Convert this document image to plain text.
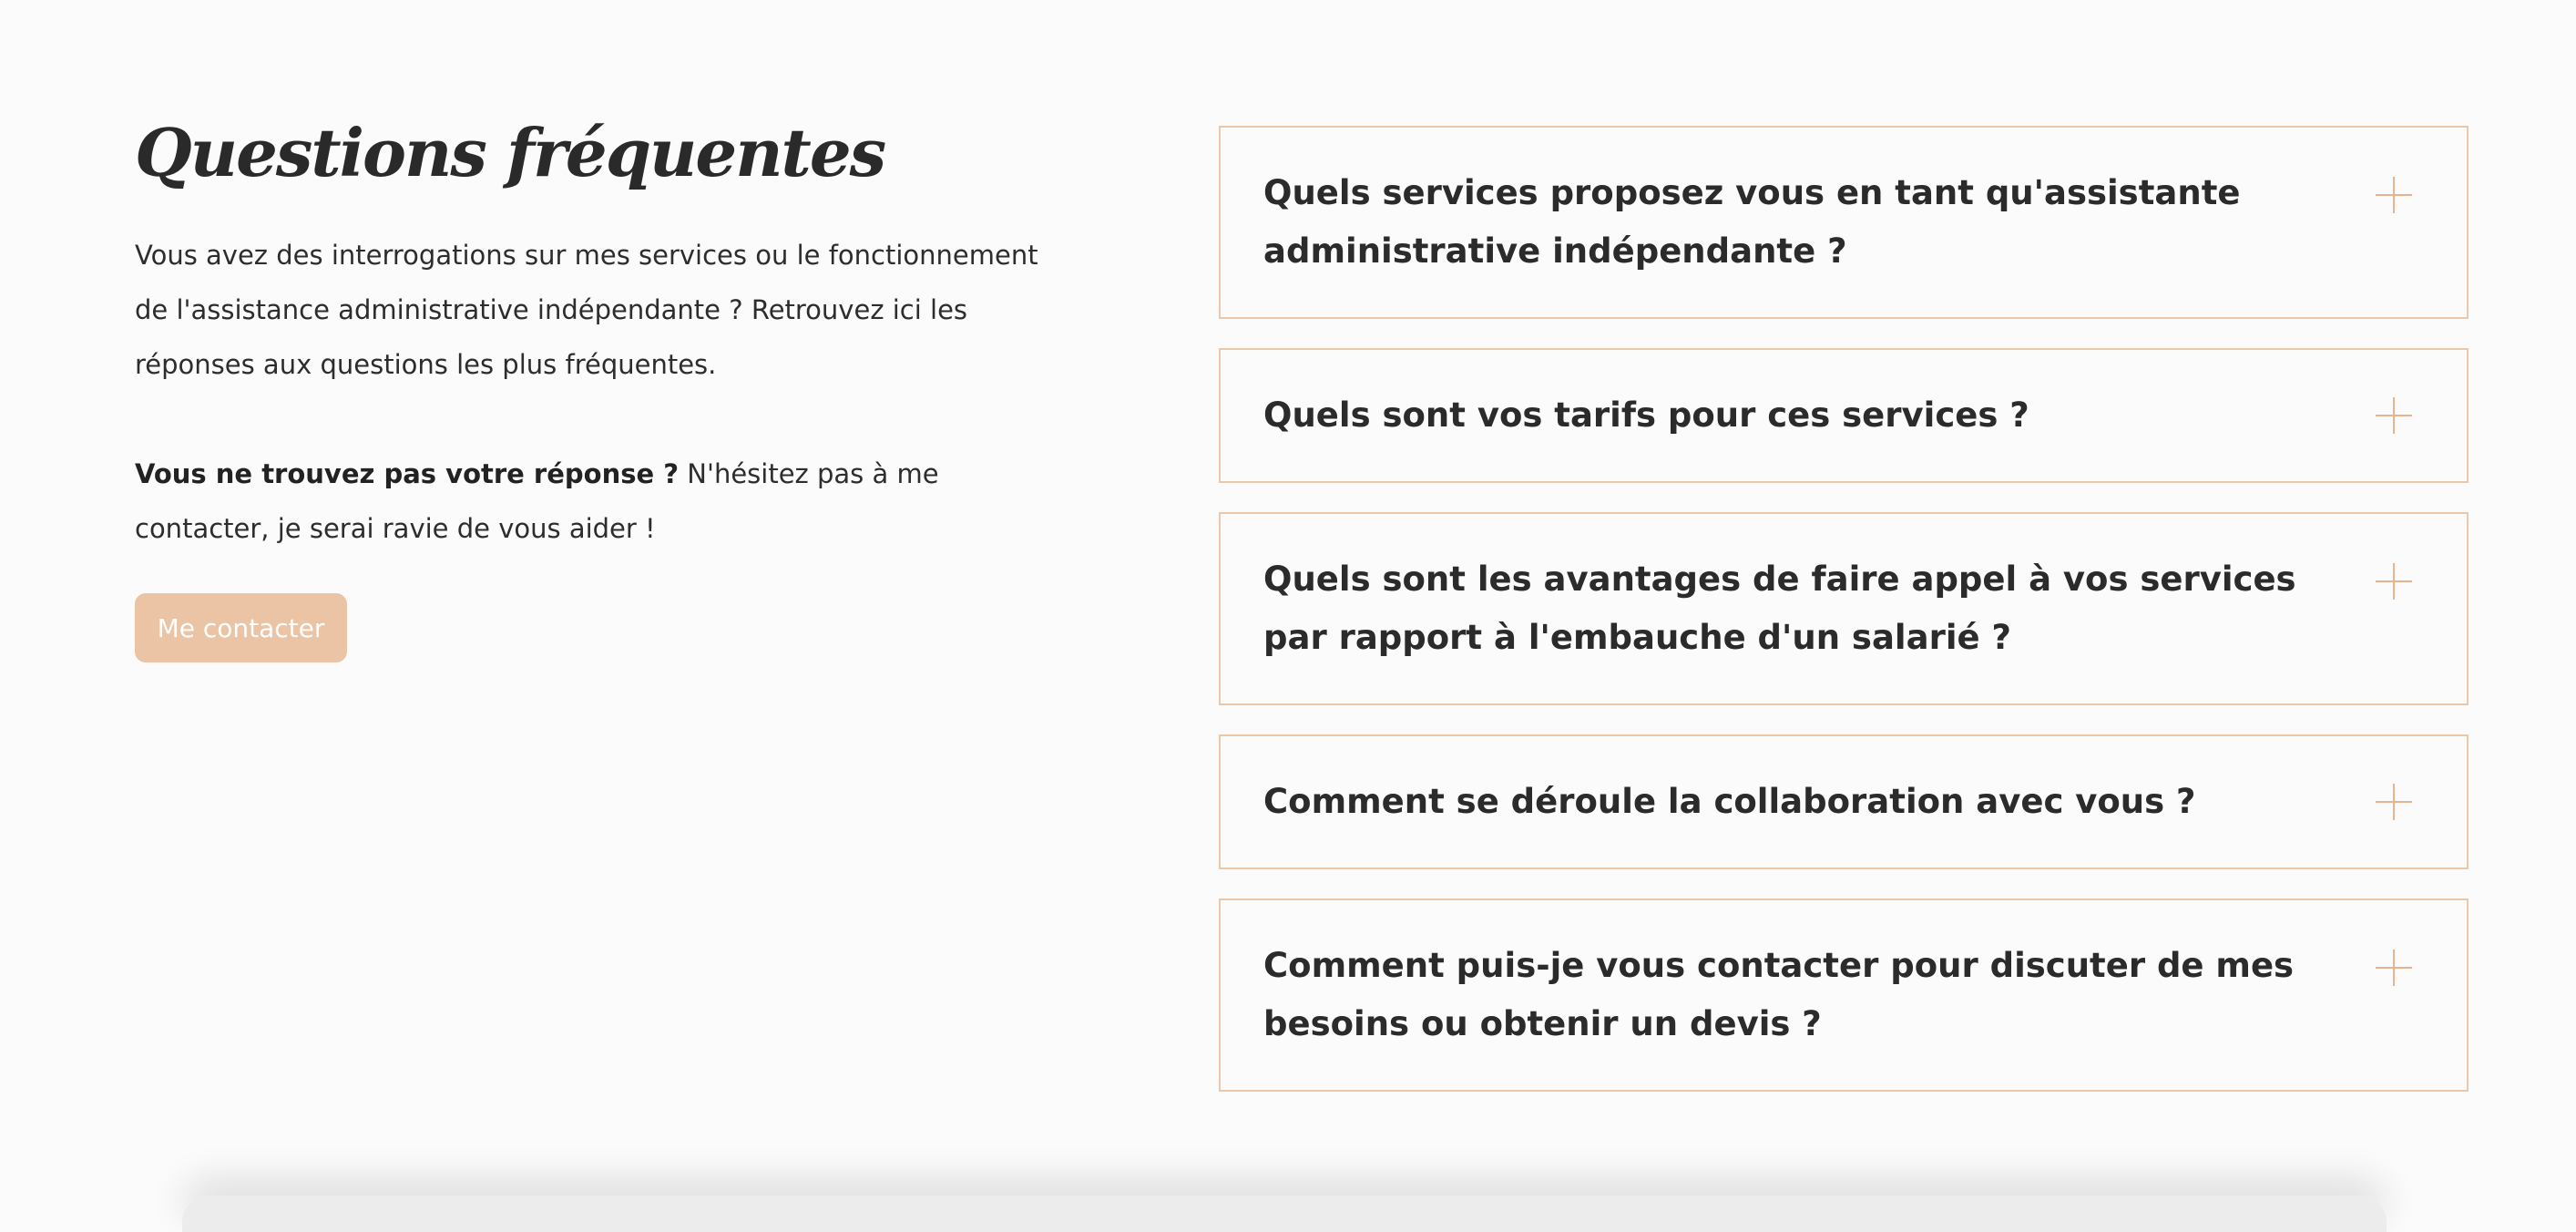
Questions fréquentes

Vous avez des interrogations sur mes services ou le fonctionnement de l'assistance administrative indépendante ? Retrouvez ici les réponses aux questions les plus fréquentes.

Vous ne trouvez pas votre réponse ? N'hésitez pas à me contacter, je serai ravie de vous aider !

Me contacter
Quels services proposez vous en tant qu'assistante administrative indépendante ?
Quels sont vos tarifs pour ces services ?
Quels sont les avantages de faire appel à vos services par rapport à l'embauche d'un salarié ?
Comment se déroule la collaboration avec vous ?
Comment puis-je vous contacter pour discuter de mes besoins ou obtenir un devis ?
